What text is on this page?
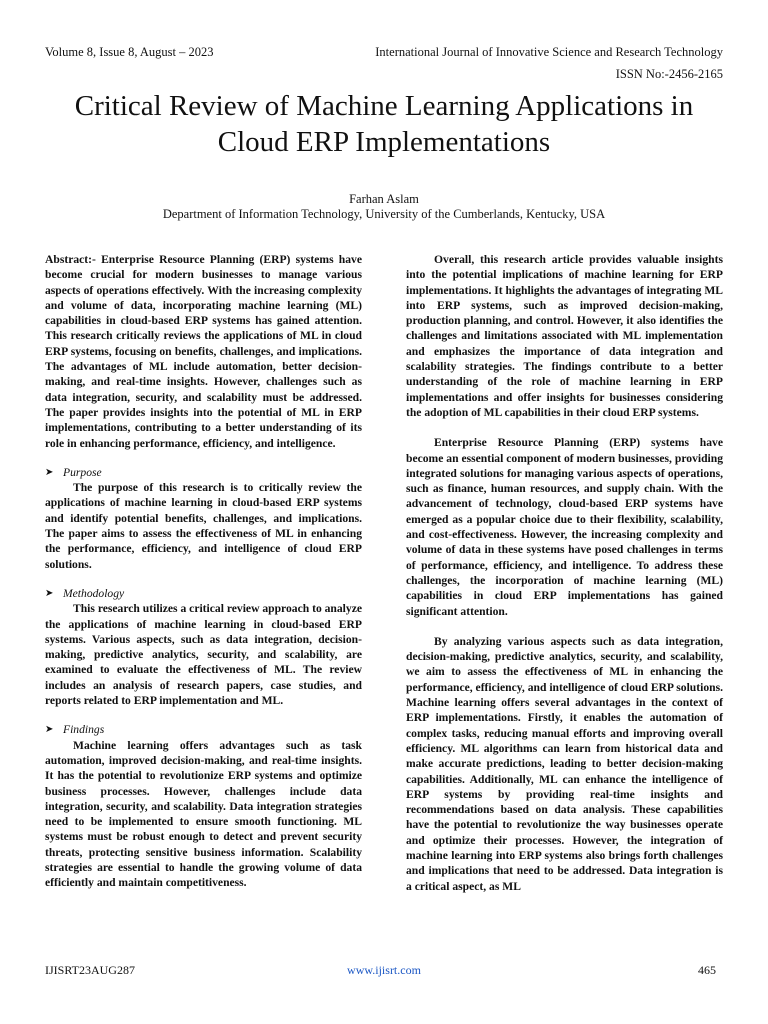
Volume 8, Issue 8, August – 2023	International Journal of Innovative Science and Research Technology
ISSN No:-2456-2165
Critical Review of Machine Learning Applications in
Cloud ERP Implementations
Farhan Aslam
Department of Information Technology, University of the Cumberlands, Kentucky, USA

Abstract:- Enterprise Resource Planning (ERP) systems have become crucial for modern businesses to manage various aspects of operations effectively. With the increasing complexity and volume of data, incorporating machine learning (ML) capabilities in cloud-based ERP systems has gained attention. This research critically reviews the applications of ML in cloud ERP systems, focusing on benefits, challenges, and implications. The advantages of ML include automation, better decision-making, and real-time insights. However, challenges such as data integration, security, and scalability must be addressed. The paper provides insights into the potential of ML in ERP implementations, contributing to a better understanding of its role in enhancing performance, efficiency, and intelligence.

➤ Purpose

The purpose of this research is to critically review the applications of machine learning in cloud-based ERP systems and identify potential benefits, challenges, and implications. The paper aims to assess the effectiveness of ML in enhancing the performance, efficiency, and intelligence of cloud ERP solutions.

➤ Methodology

This research utilizes a critical review approach to analyze the applications of machine learning in cloud-based ERP systems. Various aspects, such as data integration, decision-making, predictive analytics, security, and scalability, are examined to evaluate the effectiveness of ML. The review includes an analysis of research papers, case studies, and reports related to ERP implementation and ML.

➤ Findings

Machine learning offers advantages such as task automation, improved decision-making, and real-time insights. It has the potential to revolutionize ERP systems and optimize business processes. However, challenges include data integration, security, and scalability. Data integration strategies need to be implemented to ensure smooth functioning. ML systems must be robust enough to detect and prevent security threats, protecting sensitive business information. Scalability strategies are essential to handle the growing volume of data efficiently and maintain competitiveness.

Overall, this research article provides valuable insights into the potential implications of machine learning for ERP implementations. It highlights the advantages of integrating ML into ERP systems, such as improved decision-making, production planning, and control. However, it also identifies the challenges and limitations associated with ML implementation and emphasizes the importance of data integration and scalability strategies. The findings contribute to a better understanding of the role of machine learning in ERP implementations and offer insights for businesses considering the adoption of ML capabilities in their cloud ERP systems.

Enterprise Resource Planning (ERP) systems have become an essential component of modern businesses, providing integrated solutions for managing various aspects of operations, such as finance, human resources, and supply chain. With the advancement of technology, cloud-based ERP systems have emerged as a popular choice due to their flexibility, scalability, and cost-effectiveness. However, the increasing complexity and volume of data in these systems have posed challenges in terms of performance, efficiency, and intelligence. To address these challenges, the incorporation of machine learning (ML) capabilities in cloud ERP implementations has gained significant attention.

By analyzing various aspects such as data integration, decision-making, predictive analytics, security, and scalability, we aim to assess the effectiveness of ML in enhancing the performance, efficiency, and intelligence of cloud ERP solutions. Machine learning offers several advantages in the context of ERP implementations. Firstly, it enables the automation of complex tasks, reducing manual efforts and improving overall efficiency. ML algorithms can learn from historical data and make accurate predictions, leading to better decision-making capabilities. Additionally, ML can enhance the intelligence of ERP systems by providing real-time insights and recommendations based on data analysis. These capabilities have the potential to revolutionize the way businesses operate and optimize their processes. However, the integration of machine learning into ERP systems also brings forth challenges and implications that need to be addressed. Data integration is a critical aspect, as ML

IJISRT23AUG287	www.ijisrt.com	465
